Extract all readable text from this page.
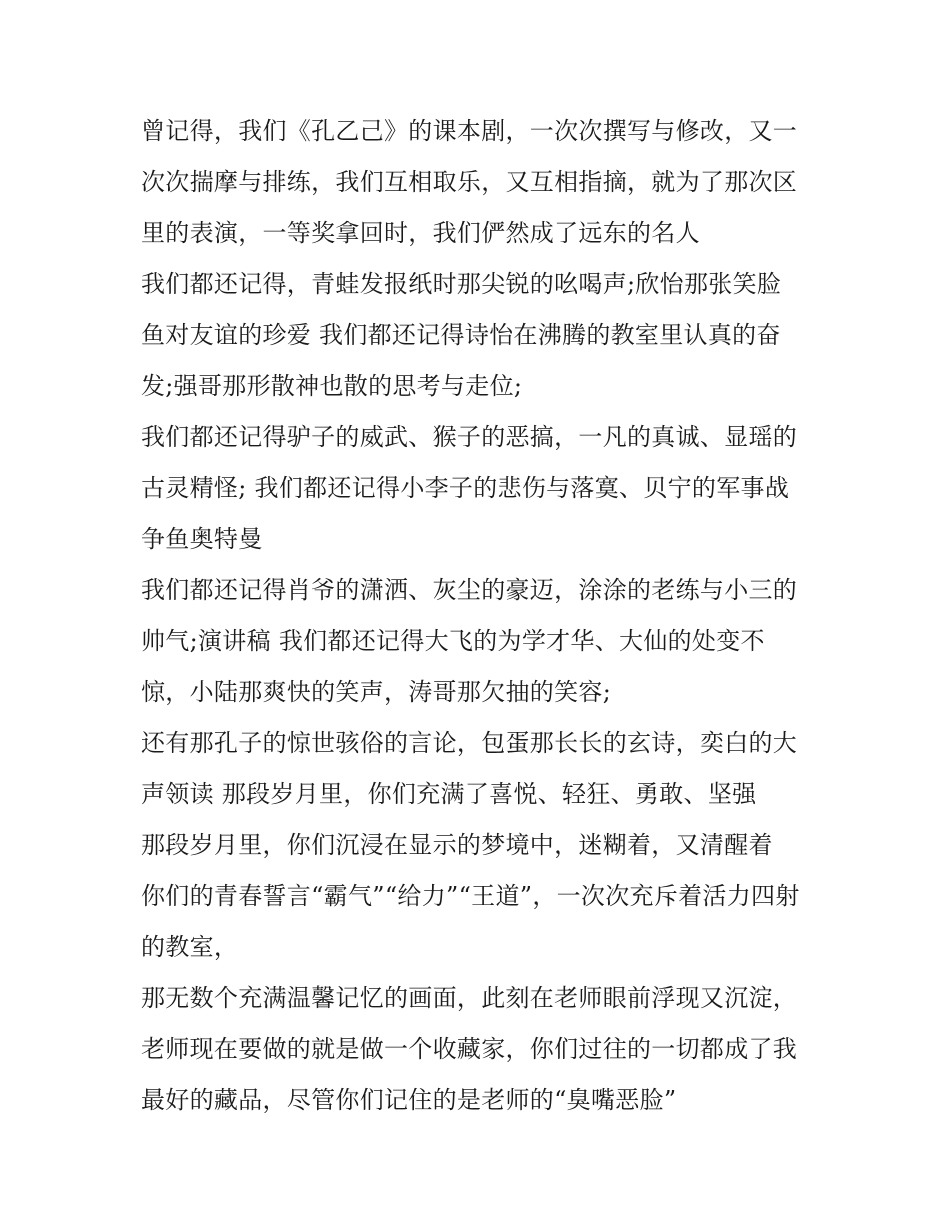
曾记得，我们《孔乙己》的课本剧，一次次撰写与修改，又一
次次揣摩与排练，我们互相取乐，又互相指摘，就为了那次区
里的表演，一等奖拿回时，我们俨然成了远东的名人
我们都还记得，青蛙发报纸时那尖锐的吆喝声;欣怡那张笑脸
鱼对友谊的珍爱 我们都还记得诗怡在沸腾的教室里认真的奋
发;强哥那形散神也散的思考与走位;
我们都还记得驴子的威武、猴子的恶搞，一凡的真诚、显瑶的
古灵精怪; 我们都还记得小李子的悲伤与落寞、贝宁的军事战
争鱼奥特曼
我们都还记得肖爷的潇洒、灰尘的豪迈，涂涂的老练与小三的
帅气;演讲稿 我们都还记得大飞的为学才华、大仙的处变不
惊，小陆那爽快的笑声，涛哥那欠抽的笑容;
还有那孔子的惊世骇俗的言论，包蛋那长长的玄诗，奕白的大
声领读 那段岁月里，你们充满了喜悦、轻狂、勇敢、坚强
那段岁月里，你们沉浸在显示的梦境中，迷糊着，又清醒着
你们的青春誓言“霸气”“给力”“王道”，一次次充斥着活力四射
的教室，
那无数个充满温馨记忆的画面，此刻在老师眼前浮现又沉淀，
老师现在要做的就是做一个收藏家，你们过往的一切都成了我
最好的藏品，尽管你们记住的是老师的“臭嘴恶脸”
